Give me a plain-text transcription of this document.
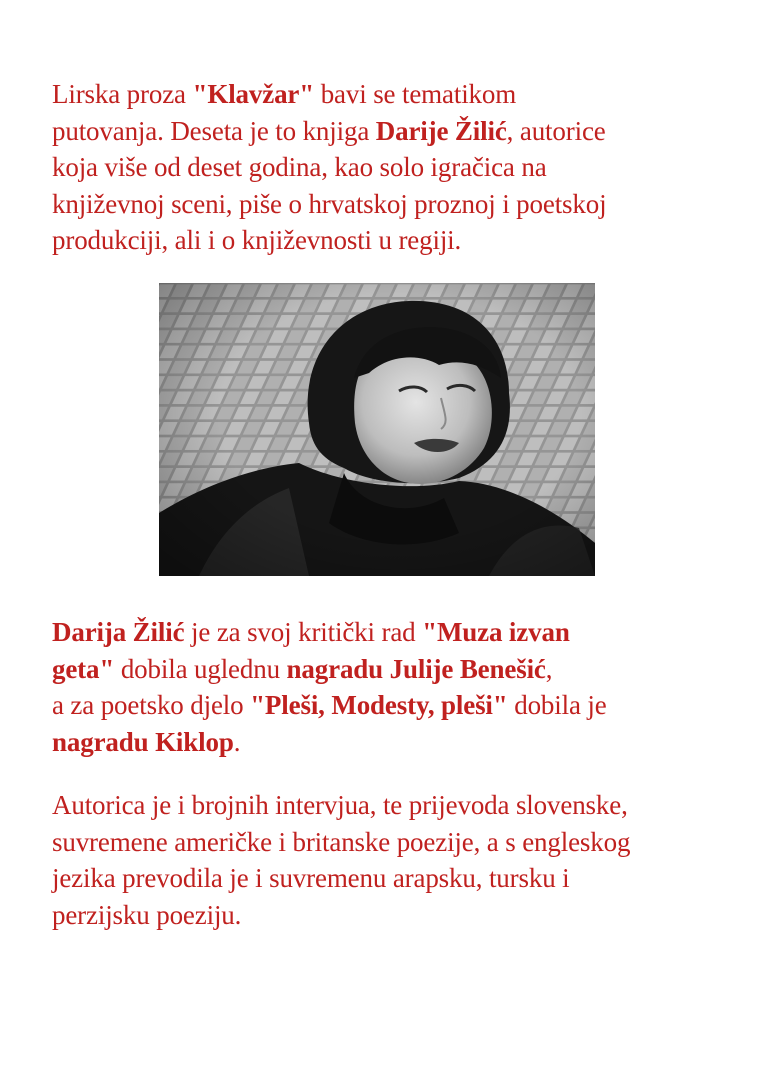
Lirska proza "Klavžar" bavi se tematikom
putovanja. Deseta je to knjiga Darije Žilić, autorice
koja više od deset godina, kao solo igračica na
književnoj sceni, piše o hrvatskoj proznoj i poetskoj
produkciji, ali i o književnosti u regiji.

Darija Žilić je za svoj kritički rad "Muza izvan
geta" dobila uglednu nagradu Julije Benešić,
a za poetsko djelo "Pleši, Modesty, pleši" dobila je
nagradu Kiklop.

Autorica je i brojnih intervjua, te prijevoda slovenske,
suvremene američke i britanske poezije, a s engleskog
jezika prevodila je i suvremenu arapsku, tursku i
perzijsku poeziju.
